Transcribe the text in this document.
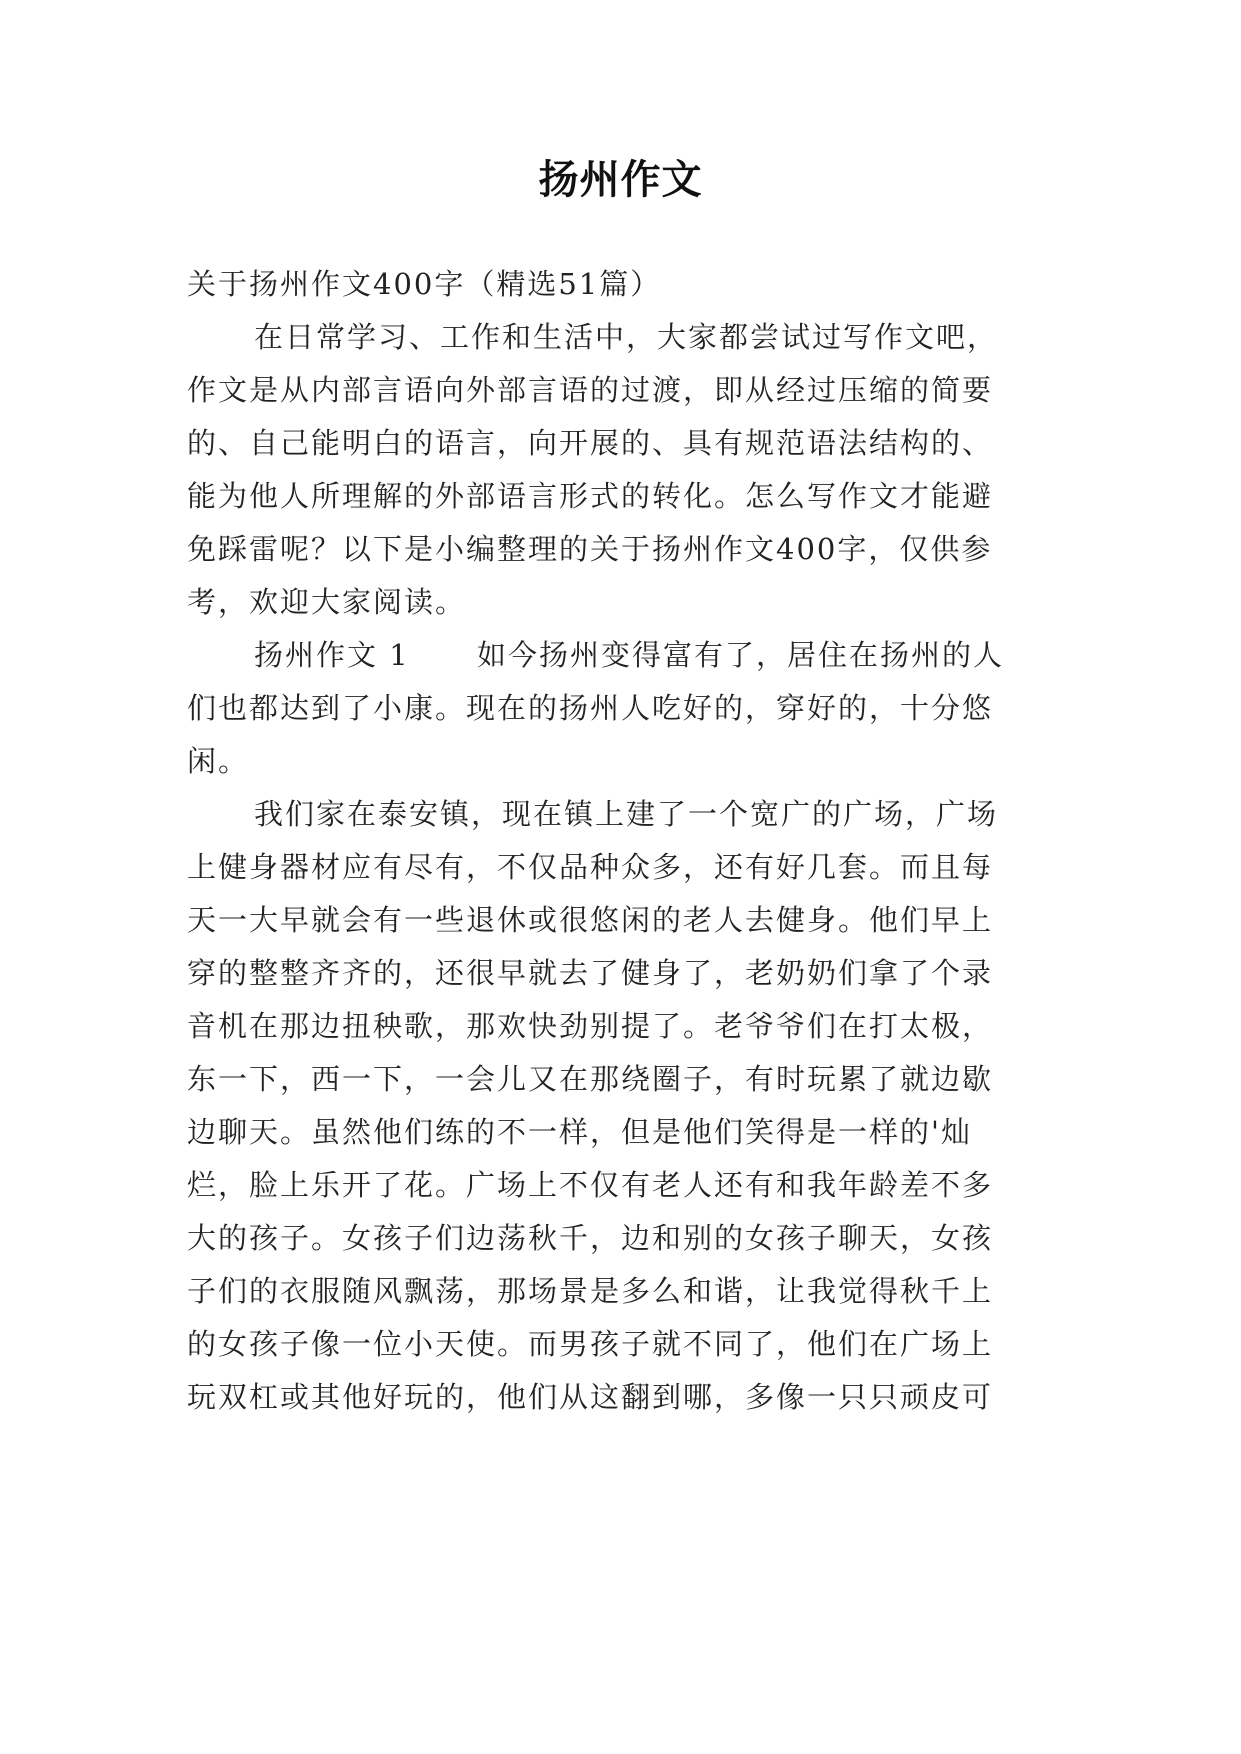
扬州作文
关于扬州作文400字（精选51篇）
在日常学习、工作和生活中，大家都尝试过写作文吧，
作文是从内部言语向外部言语的过渡，即从经过压缩的简要
的、自己能明白的语言，向开展的、具有规范语法结构的、
能为他人所理解的外部语言形式的转化。怎么写作文才能避
免踩雷呢？以下是小编整理的关于扬州作文400字，仅供参
考，欢迎大家阅读。
扬州作文 1      如今扬州变得富有了，居住在扬州的人
们也都达到了小康。现在的扬州人吃好的，穿好的，十分悠
闲。
我们家在泰安镇，现在镇上建了一个宽广的广场，广场
上健身器材应有尽有，不仅品种众多，还有好几套。而且每
天一大早就会有一些退休或很悠闲的老人去健身。他们早上
穿的整整齐齐的，还很早就去了健身了，老奶奶们拿了个录
音机在那边扭秧歌，那欢快劲别提了。老爷爷们在打太极，
东一下，西一下，一会儿又在那绕圈子，有时玩累了就边歇
边聊天。虽然他们练的不一样，但是他们笑得是一样的'灿
烂，脸上乐开了花。广场上不仅有老人还有和我年龄差不多
大的孩子。女孩子们边荡秋千，边和别的女孩子聊天，女孩
子们的衣服随风飘荡，那场景是多么和谐，让我觉得秋千上
的女孩子像一位小天使。而男孩子就不同了，他们在广场上
玩双杠或其他好玩的，他们从这翻到哪，多像一只只顽皮可
